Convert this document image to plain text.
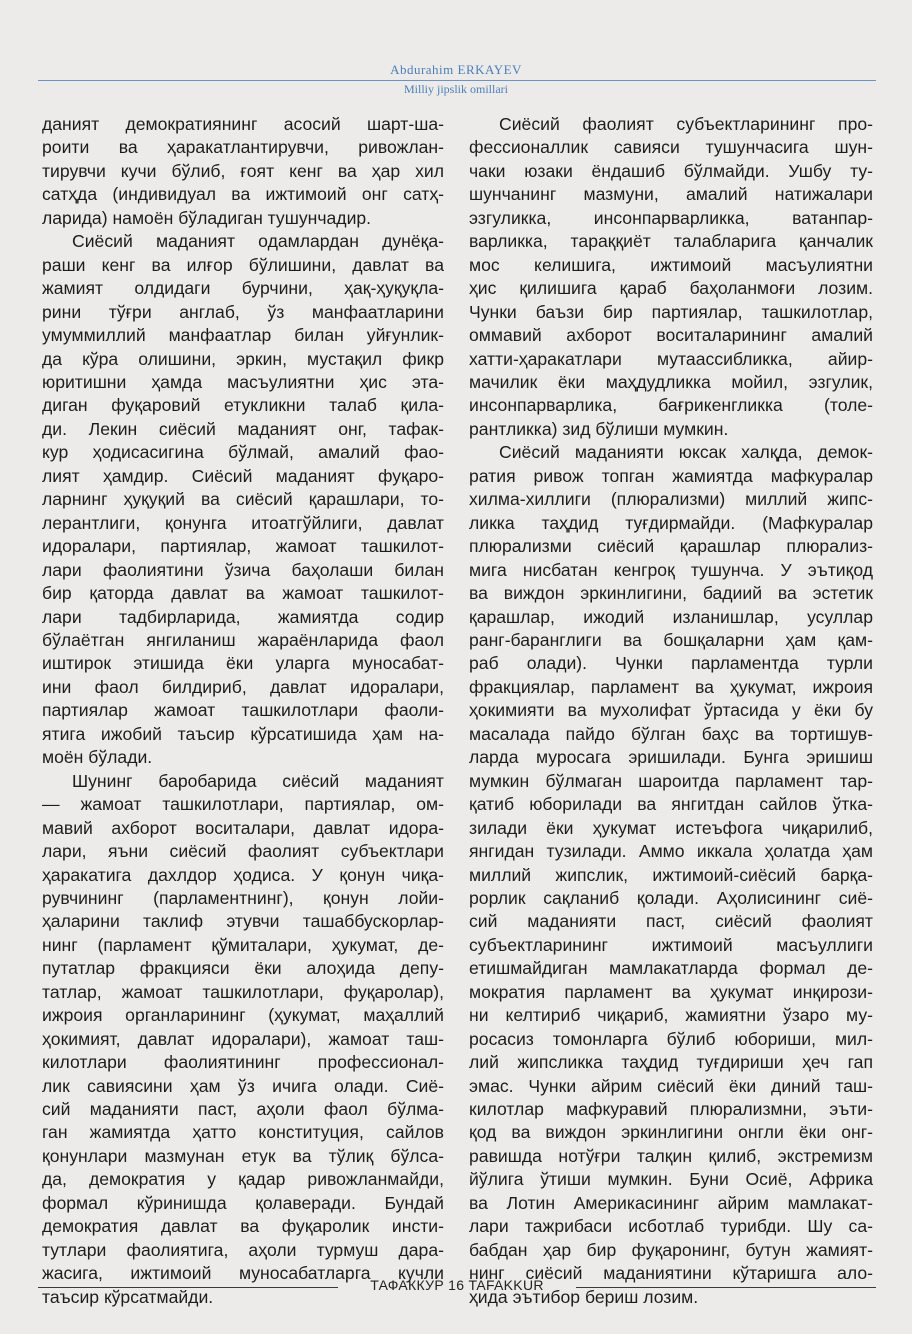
Abdurahim ERKAYEV
Milliy jipslik omillari
даният демократиянинг асосий шарт-ша-
роити ва ҳаракатлантирувчи, ривожлан-
тирувчи кучи бўлиб, ғоят кенг ва ҳар хил
сатҳда (индивидуал ва ижтимоий онг сатҳ-
ларида) намоён бўладиган тушунчадир.
Сиёсий маданият одамлардан дунёқа-
раши кенг ва илғор бўлишини, давлат ва
жамият олдидаги бурчини, ҳақ-ҳуқуқла-
рини тўғри англаб, ўз манфаатларини
умуммиллий манфаатлар билан уйғунлик-
да кўра олишини, эркин, мустақил фикр
юритишни ҳамда масъулиятни ҳис эта-
диган фуқаровий етукликни талаб қила-
ди. Лекин сиёсий маданият онг, тафак-
кур ҳодисасигина бўлмай, амалий фао-
лият ҳамдир. Сиёсий маданият фуқаро-
ларнинг ҳуқуқий ва сиёсий қарашлари, то-
лерантлиги, қонунга итоатгўйлиги, давлат
идоралари, партиялар, жамоат ташкилот-
лари фаолиятини ўзича баҳолаши билан
бир қаторда давлат ва жамоат ташкилот-
лари тадбирларида, жамиятда содир
бўлаётган янгиланиш жараёнларида фаол
иштирок этишида ёки уларга муносабат-
ини фаол билдириб, давлат идоралари,
партиялар жамоат ташкилотлари фаоли-
ятига ижобий таъсир кўрсатишида ҳам на-
моён бўлади.
Шунинг баробарида сиёсий маданият
— жамоат ташкилотлари, партиялар, ом-
мавий ахборот воситалари, давлат идора-
лари, яъни сиёсий фаолият субъектлари
ҳаракатига дахлдор ҳодиса. У қонун чиқа-
рувчининг (парламентнинг), қонун лойи-
ҳаларини таклиф этувчи ташаббускорлар-
нинг (парламент қўмиталари, ҳукумат, де-
путатлар фракцияси ёки алоҳида депу-
татлар, жамоат ташкилотлари, фуқаролар),
ижроия органларининг (ҳукумат, маҳаллий
ҳокимият, давлат идоралари), жамоат таш-
килотлари фаолиятининг профессионал-
лик савиясини ҳам ўз ичига олади. Сиё-
сий маданияти паст, аҳоли фаол бўлма-
ган жамиятда ҳатто конституция, сайлов
қонунлари мазмунан етук ва тўлиқ бўлса-
да, демократия у қадар ривожланмайди,
формал кўринишда қолаверади. Бундай
демократия давлат ва фуқаролик инсти-
тутлари фаолиятига, аҳоли турмуш дара-
жасига, ижтимоий муносабатларга кучли
таъсир кўрсатмайди.
Сиёсий фаолият субъектларининг про-
фессионаллик савияси тушунчасига шун-
чаки юзаки ёндашиб бўлмайди. Ушбу ту-
шунчанинг мазмуни, амалий натижалари
эзгуликка, инсонпарварликка, ватанпар-
варликка, тараққиёт талабларига қанчалик
мос келишига, ижтимоий масъулиятни
ҳис қилишига қараб баҳоланмоғи лозим.
Чунки баъзи бир партиялар, ташкилотлар,
оммавий ахборот воситаларининг амалий
хатти-ҳаракатлари мутаассибликка, айир-
мачилик ёки маҳдудликка мойил, эзгулик,
инсонпарварлика, бағрикенгликка (толе-
рантликка) зид бўлиши мумкин.
Сиёсий маданияти юксак халқда, демок-
ратия ривож топган жамиятда мафкуралар
хилма-хиллиги (плюрализми) миллий жипс-
ликка таҳдид туғдирмайди. (Мафкуралар
плюрализми сиёсий қарашлар плюрализ-
мига нисбатан кенгроқ тушунча. У эътиқод
ва виждон эркинлигини, бадиий ва эстетик
қарашлар, ижодий изланишлар, усуллар
ранг-баранглиги ва бошқаларни ҳам қам-
раб олади). Чунки парламентда турли
фракциялар, парламент ва ҳукумат, ижроия
ҳокимияти ва мухолифат ўртасида у ёки бу
масалада пайдо бўлган баҳс ва тортишув-
ларда муросага эришилади. Бунга эришиш
мумкин бўлмаган шароитда парламент тар-
қатиб юборилади ва янгитдан сайлов ўтка-
зилади ёки ҳукумат истеъфога чиқарилиб,
янгидан тузилади. Аммо иккала ҳолатда ҳам
миллий жипслик, ижтимоий-сиёсий барқа-
рорлик сақланиб қолади. Аҳолисининг сиё-
сий маданияти паст, сиёсий фаолият
субъектларининг ижтимоий масъуллиги
етишмайдиган мамлакатларда формал де-
мократия парламент ва ҳукумат инқирози-
ни келтириб чиқариб, жамиятни ўзаро му-
росасиз томонларга бўлиб юбориши, мил-
лий жипсликка таҳдид туғдириши ҳеч гап
эмас. Чунки айрим сиёсий ёки диний таш-
килотлар мафкуравий плюрализмни, эъти-
қод ва виждон эркинлигини онгли ёки онг-
равишда нотўғри талқин қилиб, экстремизм
йўлига ўтиши мумкин. Буни Осиё, Африка
ва Лотин Америкасининг айрим мамлакат-
лари тажрибаси исботлаб турибди. Шу са-
бабдан ҳар бир фуқаронинг, бутун жамият-
нинг сиёсий маданиятини кўтаришга ало-
ҳида эътибор бериш лозим.
ТАФАККУР 16 TAFAKKUR
